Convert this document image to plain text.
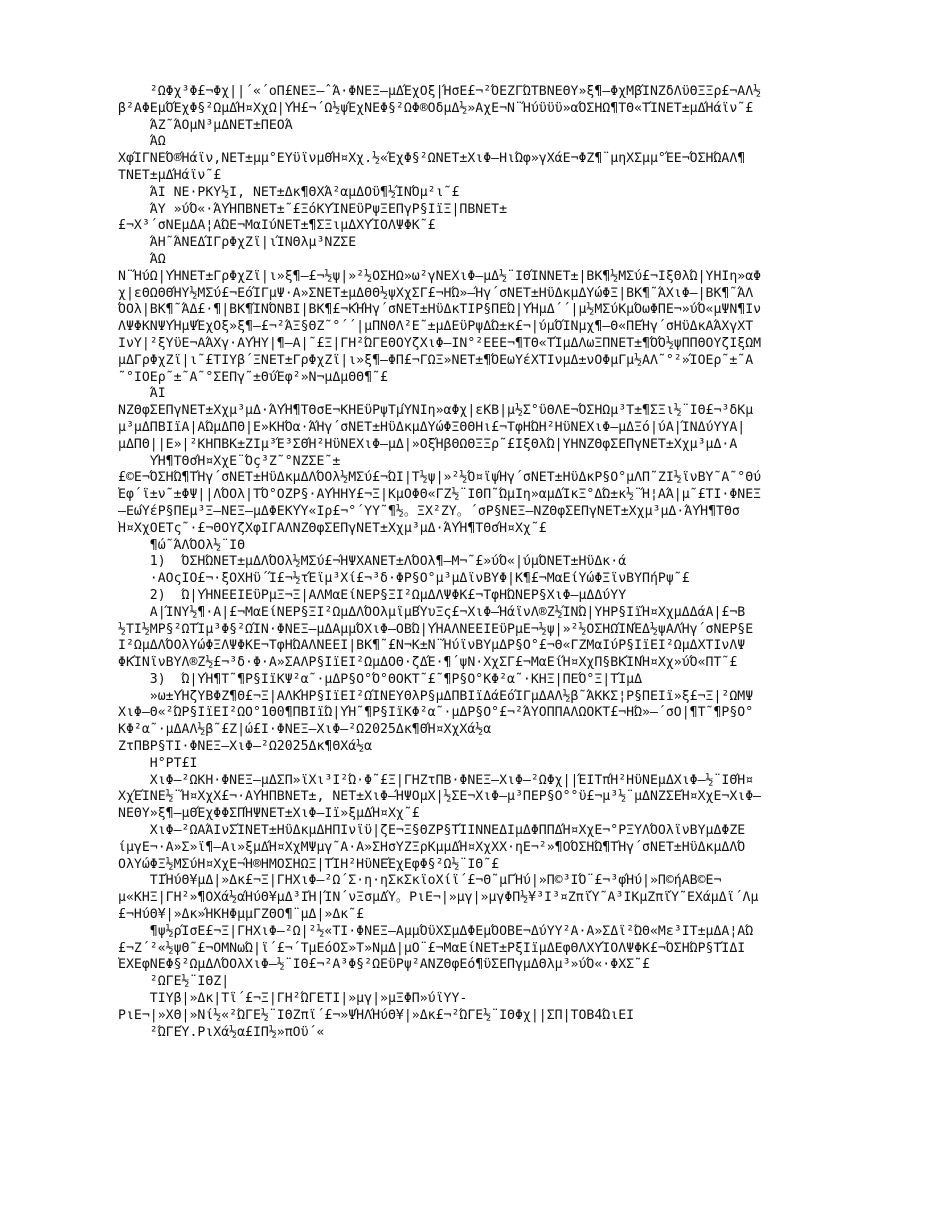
²ΩΦχ³Φ£¬Φχ||´«´οΠ£ΝΕΞ—ˆΆ·ΦΝΕΞ—μΔΈχΟξ|ΉσΕ£¬²ΌΕΖΓΏΤΒΝΕΘΥ»ξ¶—ΦχΜβΊΝΖδΛϋΘΞΞρ£¬ΑΛ½
β²ΑΦΕμΌΈχΦ§²ΩμΔΉ¤ΧχΩ|ΥΉ£¬´Ω½ψΈχΝΕΦ§²ΩΦ®ΟδμΔ½»ΑχΕ¬Ν¨Ήύΰϋΰ»αΌΣΗΩ¶ΤΘ«ΤΊΝΕΤ±μΔΉάΐν˜£
ΆΖ˜ΆΟμΝ³μΔΝΕΤ±ΠΕΟΆ
ΆΩ
ΧφΊΓΝΕΌ®Ήάΐν,ΝΕΤ±μμ°ΕΥϋΐνμΘΉ¤Χχ.½«ΈχΦ§²ΩΝΕΤ±ΧιΦ—ΗιΏφ»γΧάΕ¬ΦΖ¶¨μηΧΣμμ°ΈΕ¬ΌΣΗΏΑΛ¶
ΤΝΕΤ±μΔΉάΐν˜£
ΆΪ ΝΕ·ΡΚΥ½Ι, ΝΕΤ±Δκ¶ΘΧΆ²αμΔΟΰ¶½ΊΝΌμ²ι˜£
ΆΫ »ύΌ«·ΆΥΉΠΒΝΕΤ±˜£ΞόΚΥΊΝΕΰΡψΞΕΠγΡ§ΙïΞ|ΠΒΝΕΤ±
£¬Χ³´σΝΕμΔΑ¦ΑΏΕ¬ΜαΙύΝΕΤ±¶ΣΞιμΔΧΫΊΟΛΨΦΚ˜£
ΆΗ˜ΆΝΕΔΊΓρΦχΖΐ|ιΊΝΘλμ³ΝΖΣΕ
ΆΩ
Ν¨ΉύΩ|ΥΉΝΕΤ±ΓρΦχΖΐ|ι»ξ¶—£¬½ψ|»²½ΟΣΗΩ»ω²γΝΕΧιΦ—μΔ½¨ΙΘΊΝΝΕΤ±|ΒΚ¶½ΜΣύ£¬ΙξΘλΏ|ΥΗΙη»αΦ
χ|εΘΩΘΘΉΫ½ΜΣύ£¬ΕόΊΓμΨ·Α»ΣΝΕΤ±μΔΘΘ½ψΧχΣΓ£¬ΗΏ»—Ήγ´σΝΕΤ±ΗΰΔκμΔΥώΦΞ|ΒΚ¶˜ΆΧιΦ—|ΒΚ¶˜ΆΛ
ΌΟλ|ΒΚ¶˜ΆΔ£·¶|ΒΚ¶ΊΝΌΝΒΙ|ΒΚ¶£¬ΚΉΉγ´σΝΕΤ±ΗΰΔκΤΪΡ§ΠΕΏ|ΥΉμΔ´´|μ½ΜΣύΚμΌωΦΠΕ¬»ύΌ«μΨΝ¶Ιν
ΛΨΦΚΝΨΥΉμΨΈχΟξ»ξ¶—£¬²ΆΞ§ΘΖ˜°´´|μΠΝΘΛ²Ε˜±μΔΕΰΡψΔΏ±κ£¬|ύμΌΊΝμχ¶—Θ«ΠΕΉγ´σΗΰΔκΑΆΧγΧΤ
ΙνΥ|²ξΥϋΕ¬ΑΆΧγ·ΑΥΉΥ|¶—Α|˜£Ξ|ΓΗ²ΏΓΕΘΟΥζΧιΦ—ΙΝ°²ΕΕΕ¬¶ΤΘ«ΤΊμΔΛωΞΠΝΕΤ±¶ΌΌ½ψΠΠΘΟΥζΙξΩΜ
μΔΓρΦχΖΐ|ι˜£ΤΪΥβ´ΞΝΕΤ±ΓρΦχΖΐ|ι»ξ¶—ΦΠ£¬ΓΩΞ»ΝΕΤ±¶ΌΕωΥέΧΤΙνμΔ±νΟΦμΓμ½ΑΛ˜°²»ΊΟΕρ˜±˜Α
˜°ΙΟΕρ˜±˜Α˜°ΣΕΠγ˜±ΘύΈφ²»Ν¬μΔμΘΘ¶˜£
ΆΪ
ΝΖΘφΣΕΠγΝΕΤ±Χχμ³μΔ·ΆΥΉ¶ΤΘσΕ¬ΚΗΕΰΡψΤμΎΝΙη»αΦχ|εΚΒ|μ½Σ°ΰΘΛΕ¬ΌΣΗΩμ³Τ±¶ΣΞι½¨ΙΘ£¬³δΚμ
μ³μΔΠΒΙïΑ|ΑΏμΔΠΘ|Ε»ΚΗΌα·ΆΉγ´σΝΕΤ±ΗΰΔκμΔΥώΦΞΘΘΗι£¬ΤφΗΏΗ²ΗΰΝΕΧιΦ—μΔΞό|ύΑ|ΊΝΔύΫΫΑ|
μΔΠΘ||Ε»|²ΚΗΠΒΚ±ΖΪμ³Έ³ΣΘΉ²ΗΰΝΕΧιΦ—μΔ|»ΟξΉβΘΩΘΞΞρ˜£ΙξΘλΏ|ΥΗΝΖΘφΣΕΠγΝΕΤ±Χχμ³μΔ·Α
ΥΉ¶ΤΘσΉ¤ΧχΕ¨Όç³Ζ˜°ΝΖΣΕ˜±
£©Ε¬ΌΣΗΏ¶ΤΉγ´σΝΕΤ±ΗΰΔκμΔΛΌΟλ½ΜΣύ£¬ΏΙ|Τ½ψ|»²½Ό¤ΐψΉγ´σΝΕΤ±ΗΰΔκΡ§Ο°μΛΠ˜ΖΪ½ΐνΒΫ˜Α˜°Θύ
Έφ´ΐ±ν˜±ΦΨ||ΛΌΟλ|ΤΌ°ΟΖΡ§·ΑΥΉΗΫ£¬Ξ|ΚμΟΦΘ«ΓΖ½¨ΙΘΠ˜ΏμΙη»αμΔΊκΞ°ΔΏ±κ½¨Ή¦ΑΆ|μ˜£ΤΙ·ΦΝΕΞ
—ΕωΎέΡ§ΠΕμ³Ξ—ΝΕΞ—μΔΦΕΚΥΎ«Ιρ£¬°´ΥΥ˜¶½。ΞΧ²ΖΥ。´σΡ§ΝΕΞ—ΝΖΘφΣΕΠγΝΕΤ±Χχμ³μΔ·ΆΥΉ¶ΤΘσ
Ή¤ΧχΟΕΤς˜·£¬ΘΟΥζΧφΙΓΑΛΝΖΘφΣΕΠγΝΕΤ±Χχμ³μΔ·ΆΥΉ¶ΤΘσΉ¤Χχ˜£
¶ώ˜ΆΛΌΟλ½¨ΙΘ
1)  ΌΣΗΏΝΕΤ±μΔΛΌΟλ½ΜΣύ£¬ΉΨΧΑΝΕΤ±ΛΌΟλ¶—Μ¬˜£»ύΌ«|ύμΌΝΕΤ±ΗΰΔκ·ά
·ΑΟςΙΟ£¬·ξΟΧΗΰ´Ί£¬½τΈΐμ³Χί£¬³δ·ΦΡ§Ο°μ³μΔΐνΒΫΦ|Κ¶£¬ΜαΕίΥώΦΞΐνΒΫΠήΡψ˜£
2)  Ώ|ΥΉΝΕΕΙΕΰΡμΞ¬Ξ|ΑΛΜαΕίΝΕΡ§ΞΙ²ΩμΔΛΨΦΚ£¬ΤφΗΏΝΕΡ§ΧιΦ—μΔΔύΫΫ
Α|ΊΝΥ½¶·Α|£¬ΜαΕίΝΕΡ§ΞΙ²ΩμΔΛΌΟλμΐμΒΎυΞς£¬ΧιΦ—ΉάΐνΛ®Ζ½ΊΝΏ|ΥΗΡ§ΙïΉ¤ΧχμΔΔάΑ|£¬Β
½ΤΙ½ΜΡ§²ΩΤΊμ³Φ§²ΩΊΝ·ΦΝΕΞ—μΔΑμμΌΧιΦ—ΟΒΏ|ΥΉΑΛΝΕΕΙΕΰΡμΕ¬½ψ|»²½ΟΣΗΩΊΝΈΔ½ψΑΛΉγ´σΝΕΡ§Ε
Ι²ΩμΔΛΌΟλΥώΦΞΛΨΦΚΕ¬ΤφΗΏΑΛΝΕΕΙ|ΒΚ¶˜£Ν¬Κ±Ν¨ΉύΐνΒΫμΔΡ§Ο°£¬Θ«ΓΖΜαΙύΡ§ΙïΕΙ²ΩμΔΧΤΙνΛΨ
ΦΚΊΝΐνΒΫΛ®Ζ½£¬³δ·Φ·Α»ΣΑΛΡ§ΙïΕΙ²ΩμΔΟΘ·ζΔΈ·¶´ψΝ·ΧχΣΓ£¬ΜαΕίΉ¤ΧχΠ§ΒΚΊΝΉ¤Χχ»ύΌ«ΠΤ˜£
3)  Ώ|ΥΉ¶Τ˜¶Ρ§ΙïΚΨ²α˜·μΔΡ§Ο°Ό°ΘΟΚΤ˜£˜¶Ρ§Ο°ΚΦ²α˜·ΚΗΞ|ΠΕΌ°Ξ|ΤΊμΔ
»ω±ΫΉζΥΒΦΖ¶Θ£¬Ξ|ΑΛΚΉΡ§ΙïΕΙ²ΩΊΝΕΥΘλΡ§μΔΠΒΙïΔάΕόΊΓμΔΑΛ½β˜ΆΚΚΣ¦Ρ§ΠΕΙï»ξ£¬Ξ|²ΩΜΨ
ΧιΦ—Θ«²ΏΡ§ΙïΕΙ²ΩΟ°1Θ0¶ΠΒΙïΏ|ΥΉ˜¶Ρ§ΙïΚΦ²α˜·μΔΡ§Ο°£¬²ΆΫΟΠΠΑΛΩΟΚΤ£¬ΗΏ»—´σΟ|¶Τ˜¶Ρ§Ο°
ΚΦ²α˜·μΔΑΛ½β˜£Ζ|ώ£Ι·ΦΝΕΞ—ΧιΦ—²Ω2025Δκ¶ΘΉ¤ΧχΧά½α
ΖτΠΒΡ§ΤΙ·ΦΝΕΞ—ΧιΦ—²Ω2025Δκ¶ΘΧά½α
Η°ΡΤ£Ι
ΧιΦ—²ΩΚΗ·ΦΝΕΞ—μΔΣΠ»ϊΧι³Ι²Ώ·Φ˜£Ξ|ΓΗΖτΠΒ·ΦΝΕΞ—ΧιΦ—²ΩΦχ||ΈΙΤπΉ²ΗΰΝΕμΔΧιΦ—½¨ΙΘΉ¤
ΧχΈΊΝΕ½¨Ή¤ΧχΧ£¬·ΑΥΉΠΒΝΕΤ±, ΝΕΤ±ΧιΦ—ΉΨΟμΧ|½ΣΕ¬ΧιΦ—μ³ΠΕΡ§Ο°°ΰ£¬μ³½¨μΔΝΖΣΕΉ¤ΧχΕ¬ΧιΦ—
ΝΕΘΥ»ξ¶—μΘΈχΦΦΣΠΉΨΝΕΤ±ΧιΦ—Ιï»ξμΔΉ¤Χχ˜£
ΧιΦ—²ΩΑΆΙνΣΊΝΕΤ±ΗΰΔκμΔΗΠΙνΐϋ|ζΕ¬Ξ§ΘΖΡ§ΤΊΙΝΝΕΔΪμΔΦΠΠΔΉ¤ΧχΕ¬°ΡΞΥΛΌΟλΐνΒΫμΔΦΖΕ
ίμγΕ¬·Α»Σ»ϊ¶—Αι»ξμΔΉ¤ΧχΜΨμγ˜Α·Α»ΣΗσΥΖΞρΚμμΔΉ¤ΧχΧΧ·ηΕ¬²»¶ΟΌΣΗΏ¶ΤΉγ´σΝΕΤ±ΗΰΔκμΔΛΌ
ΟλΥώΦΞ½ΜΣύΗ¤ΧχΕ¬Ή®ΗΜΟΣΗΩΞ|ΤΊΗ²ΗΰΝΕΈχΕφΦ§²Ω½¨ΙΘ˜£
ΤΪΉύΘ¥μΔ|»Δκ£¬Ξ|ΓΗΧιΦ—²Ω´Σ·η·ηΣκΣκΐοΧίΐ´£¬Θ˜μΓΉύ|»Π©³ΙΌ¨£¬³φΉύ|»Π©ήΑΒ©Ε¬
μ«ΚΗΞ|ΓΗ²»¶ΟΧά½αΉύΘ¥μΔ³ΙΉ|ΊΝ´νΞσμΔΎ。ΡιΕ¬|»μγ|»μγΦΠ½¥³Ι³¤ΖπΐΎ˜Α³ΙΚμΖπΐΎ˜ΕΧάμΔΐ´Λμ
£¬ΗύΘ¥|»Δκ»ΉΚΗΦμμΓΖΘΟ¶¨μΔ|»Δκ˜£
¶ψ½ρΊσΕ£¬Ξ|ΓΗΧιΦ—²Ω|²½«ΤΪ·ΦΝΕΞ—ΑμμΌΰΧΣμΔΦΕμΌΟΒΕ¬ΔύΫΫ²Α·Α»ΣΔΐ²ΏΘ«Με³ΙΤ±μΔΑ¦ΑΏ
£¬Ζ´²«½ψΘ˜£¬ΟΜΝωΏ|ΐ´£¬´ΤμΕόΟΣ»Τ»ΝμΔ|μΟ¨£¬ΜαΕίΝΕΤ±ΡξΙïμΔΕφΘΛΧΫΊΟΛΨΦΚ£¬ΌΣΗΏΡ§ΤΊΔΪ
ΈΧΕφΝΕΦ§²ΩμΔΛΌΟλΧιΦ—½¨ΙΘ£¬²Α³Φ§²ΩΕΰΡψ²ΑΝΖΘφΕό¶ΰΣΕΠγμΔΘλμ³»ύΌ«·ΦΧΣ˜£
²ΩΓΕ½¨ΙΘΖ|
ΤΪΥβ|»Δκ|Τΐ´£¬Ξ|ΓΗ²ΏΓΕΤΪ|»μγ|»μΞΦΠ»ύΐΫΥ-
ΡιΕ¬|»ΧΘ|»Νί½«²ΏΓΕ½¨ΙΘΖπΐ´£¬»ΨΉΛΉύΘ¥|»Δκ£¬²ΏΓΕ½¨ΙΘΦχ||ΣΠ|ΤΟΒ4ΏιΕΙ
²ΏΓΕΎ.ΡιΧά½α£ΙΠ½»πΟΰ´«
